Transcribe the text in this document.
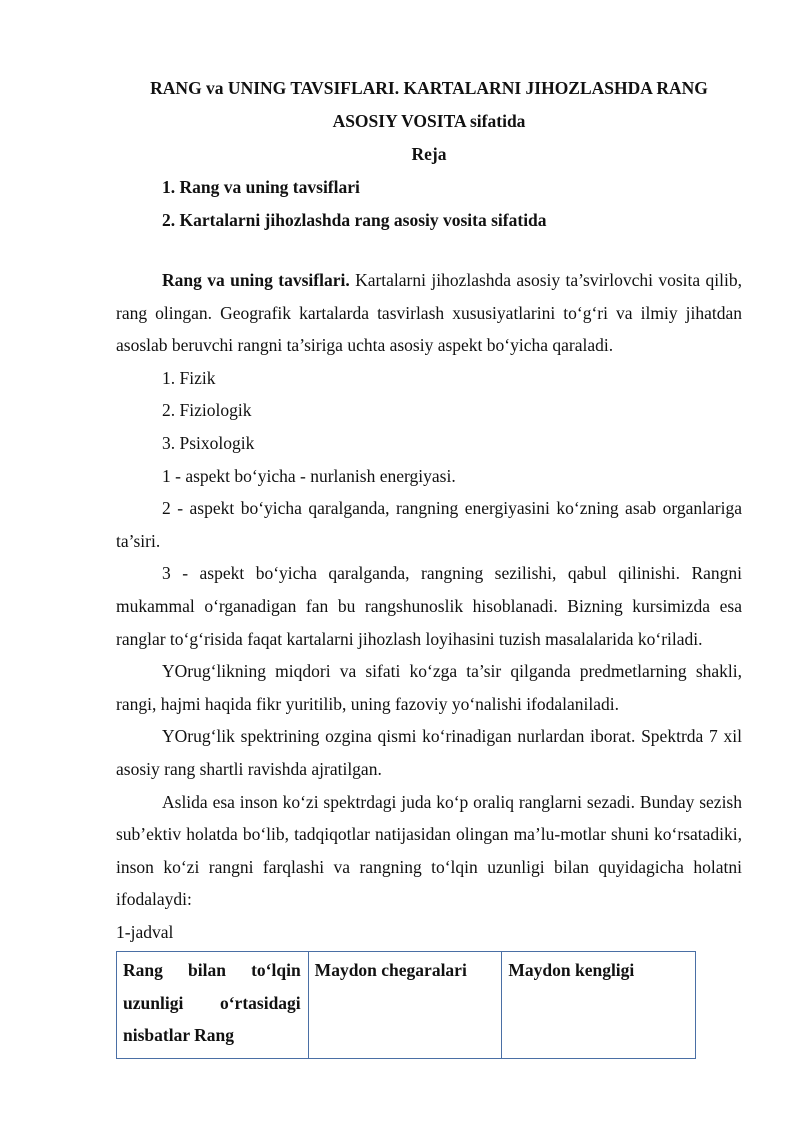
RANG va UNING TAVSIFLARI. KARTALARNI JIHOZLASHDA RANG ASOSIY VOSITA sifatida
Reja
1. Rang va uning tavsiflari
2. Kartalarni jihozlashda rang asosiy vosita sifatida

Rang va uning tavsiflari. Kartalarni jihozlashda asosiy ta’svirlovchi vosita qilib, rang olingan. Geografik kartalarda tasvirlash xususiyatlarini to‘g‘ri va ilmiy jihatdan asoslab beruvchi rangni ta’siriga uchta asosiy aspekt bo‘yicha qaraladi.

1. Fizik

2. Fiziologik

3. Psixologik

1 - aspekt bo‘yicha - nurlanish energiyasi.

2 - aspekt bo‘yicha qaralganda, rangning energiyasini ko‘zning asab organlariga ta’siri.

3 - aspekt bo‘yicha qaralganda, rangning sezilishi, qabul qilinishi. Rangni mukammal o‘rganadigan fan bu rangshunoslik hisoblanadi. Bizning kursimizda esa ranglar to‘g‘risida faqat kartalarni jihozlash loyihasini tuzish masalalarida ko‘riladi.

YOrug‘likning miqdori va sifati ko‘zga ta’sir qilganda predmetlarning shakli, rangi, hajmi haqida fikr yuritilib, uning fazoviy yo‘nalishi ifodalaniladi.

YOrug‘lik spektrining ozgina qismi ko‘rinadigan nurlardan iborat. Spektrda 7 xil asosiy rang shartli ravishda ajratilgan.

Aslida esa inson ko‘zi spektrdagi juda ko‘p oraliq ranglarni sezadi. Bunday sezish sub’ektiv holatda bo‘lib, tadqiqotlar natijasidan olingan ma’lu-motlar shuni ko‘rsatadiki, inson ko‘zi rangni farqlashi va rangning to‘lqin uzunligi bilan quyidagicha holatni ifodalaydi:

1-jadval

Rang bilan to‘lqin uzunligi o‘rtasidagi nisbatlar Rang	Maydon chegaralari	Maydon kengligi
